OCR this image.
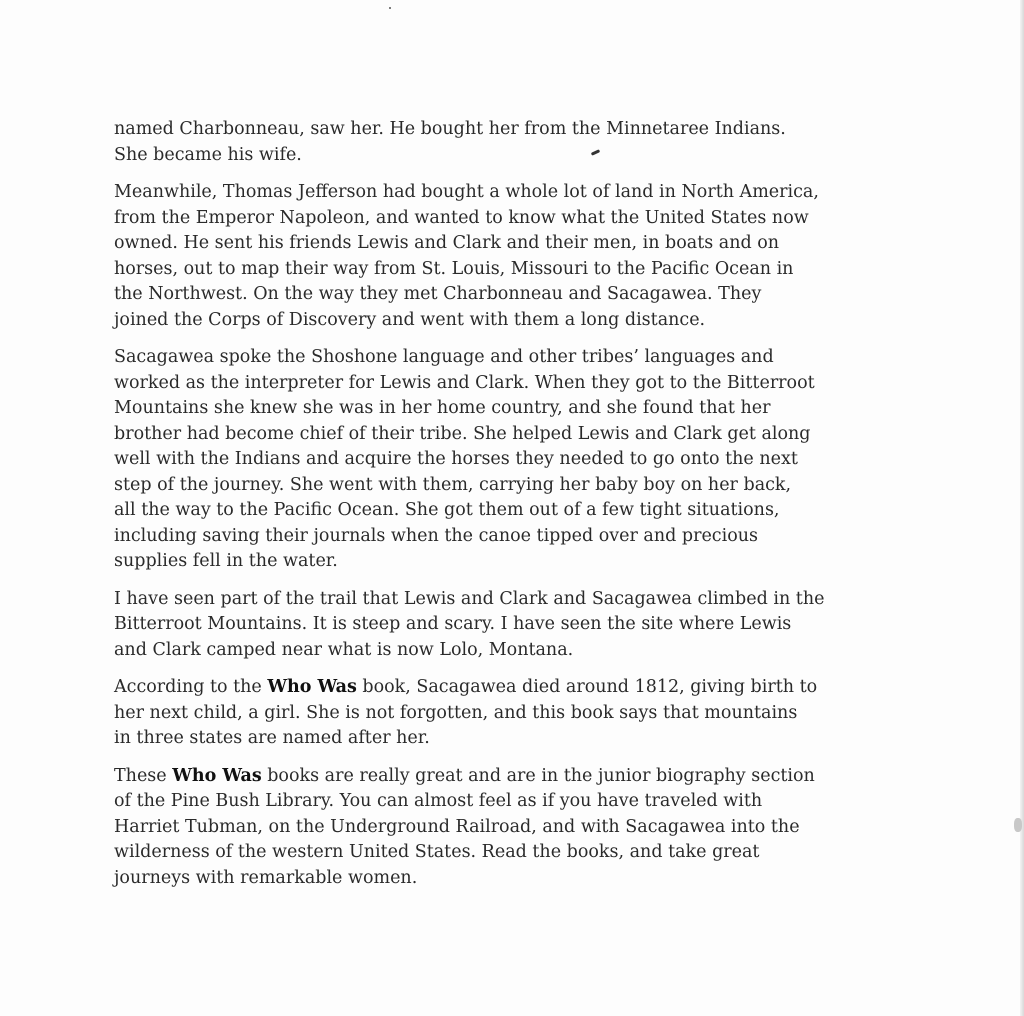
named Charbonneau, saw her. He bought her from the Minnetaree Indians.
She became his wife.

Meanwhile, Thomas Jefferson had bought a whole lot of land in North America,
from the Emperor Napoleon, and wanted to know what the United States now
owned. He sent his friends Lewis and Clark and their men, in boats and on
horses, out to map their way from St. Louis, Missouri to the Pacific Ocean in
the Northwest. On the way they met Charbonneau and Sacagawea. They
joined the Corps of Discovery and went with them a long distance.

Sacagawea spoke the Shoshone language and other tribes’ languages and
worked as the interpreter for Lewis and Clark. When they got to the Bitterroot
Mountains she knew she was in her home country, and she found that her
brother had become chief of their tribe. She helped Lewis and Clark get along
well with the Indians and acquire the horses they needed to go onto the next
step of the journey. She went with them, carrying her baby boy on her back,
all the way to the Pacific Ocean. She got them out of a few tight situations,
including saving their journals when the canoe tipped over and precious
supplies fell in the water.

I have seen part of the trail that Lewis and Clark and Sacagawea climbed in the
Bitterroot Mountains. It is steep and scary. I have seen the site where Lewis
and Clark camped near what is now Lolo, Montana.

According to the Who Was book, Sacagawea died around 1812, giving birth to
her next child, a girl. She is not forgotten, and this book says that mountains
in three states are named after her.

These Who Was books are really great and are in the junior biography section
of the Pine Bush Library. You can almost feel as if you have traveled with
Harriet Tubman, on the Underground Railroad, and with Sacagawea into the
wilderness of the western United States. Read the books, and take great
journeys with remarkable women.
